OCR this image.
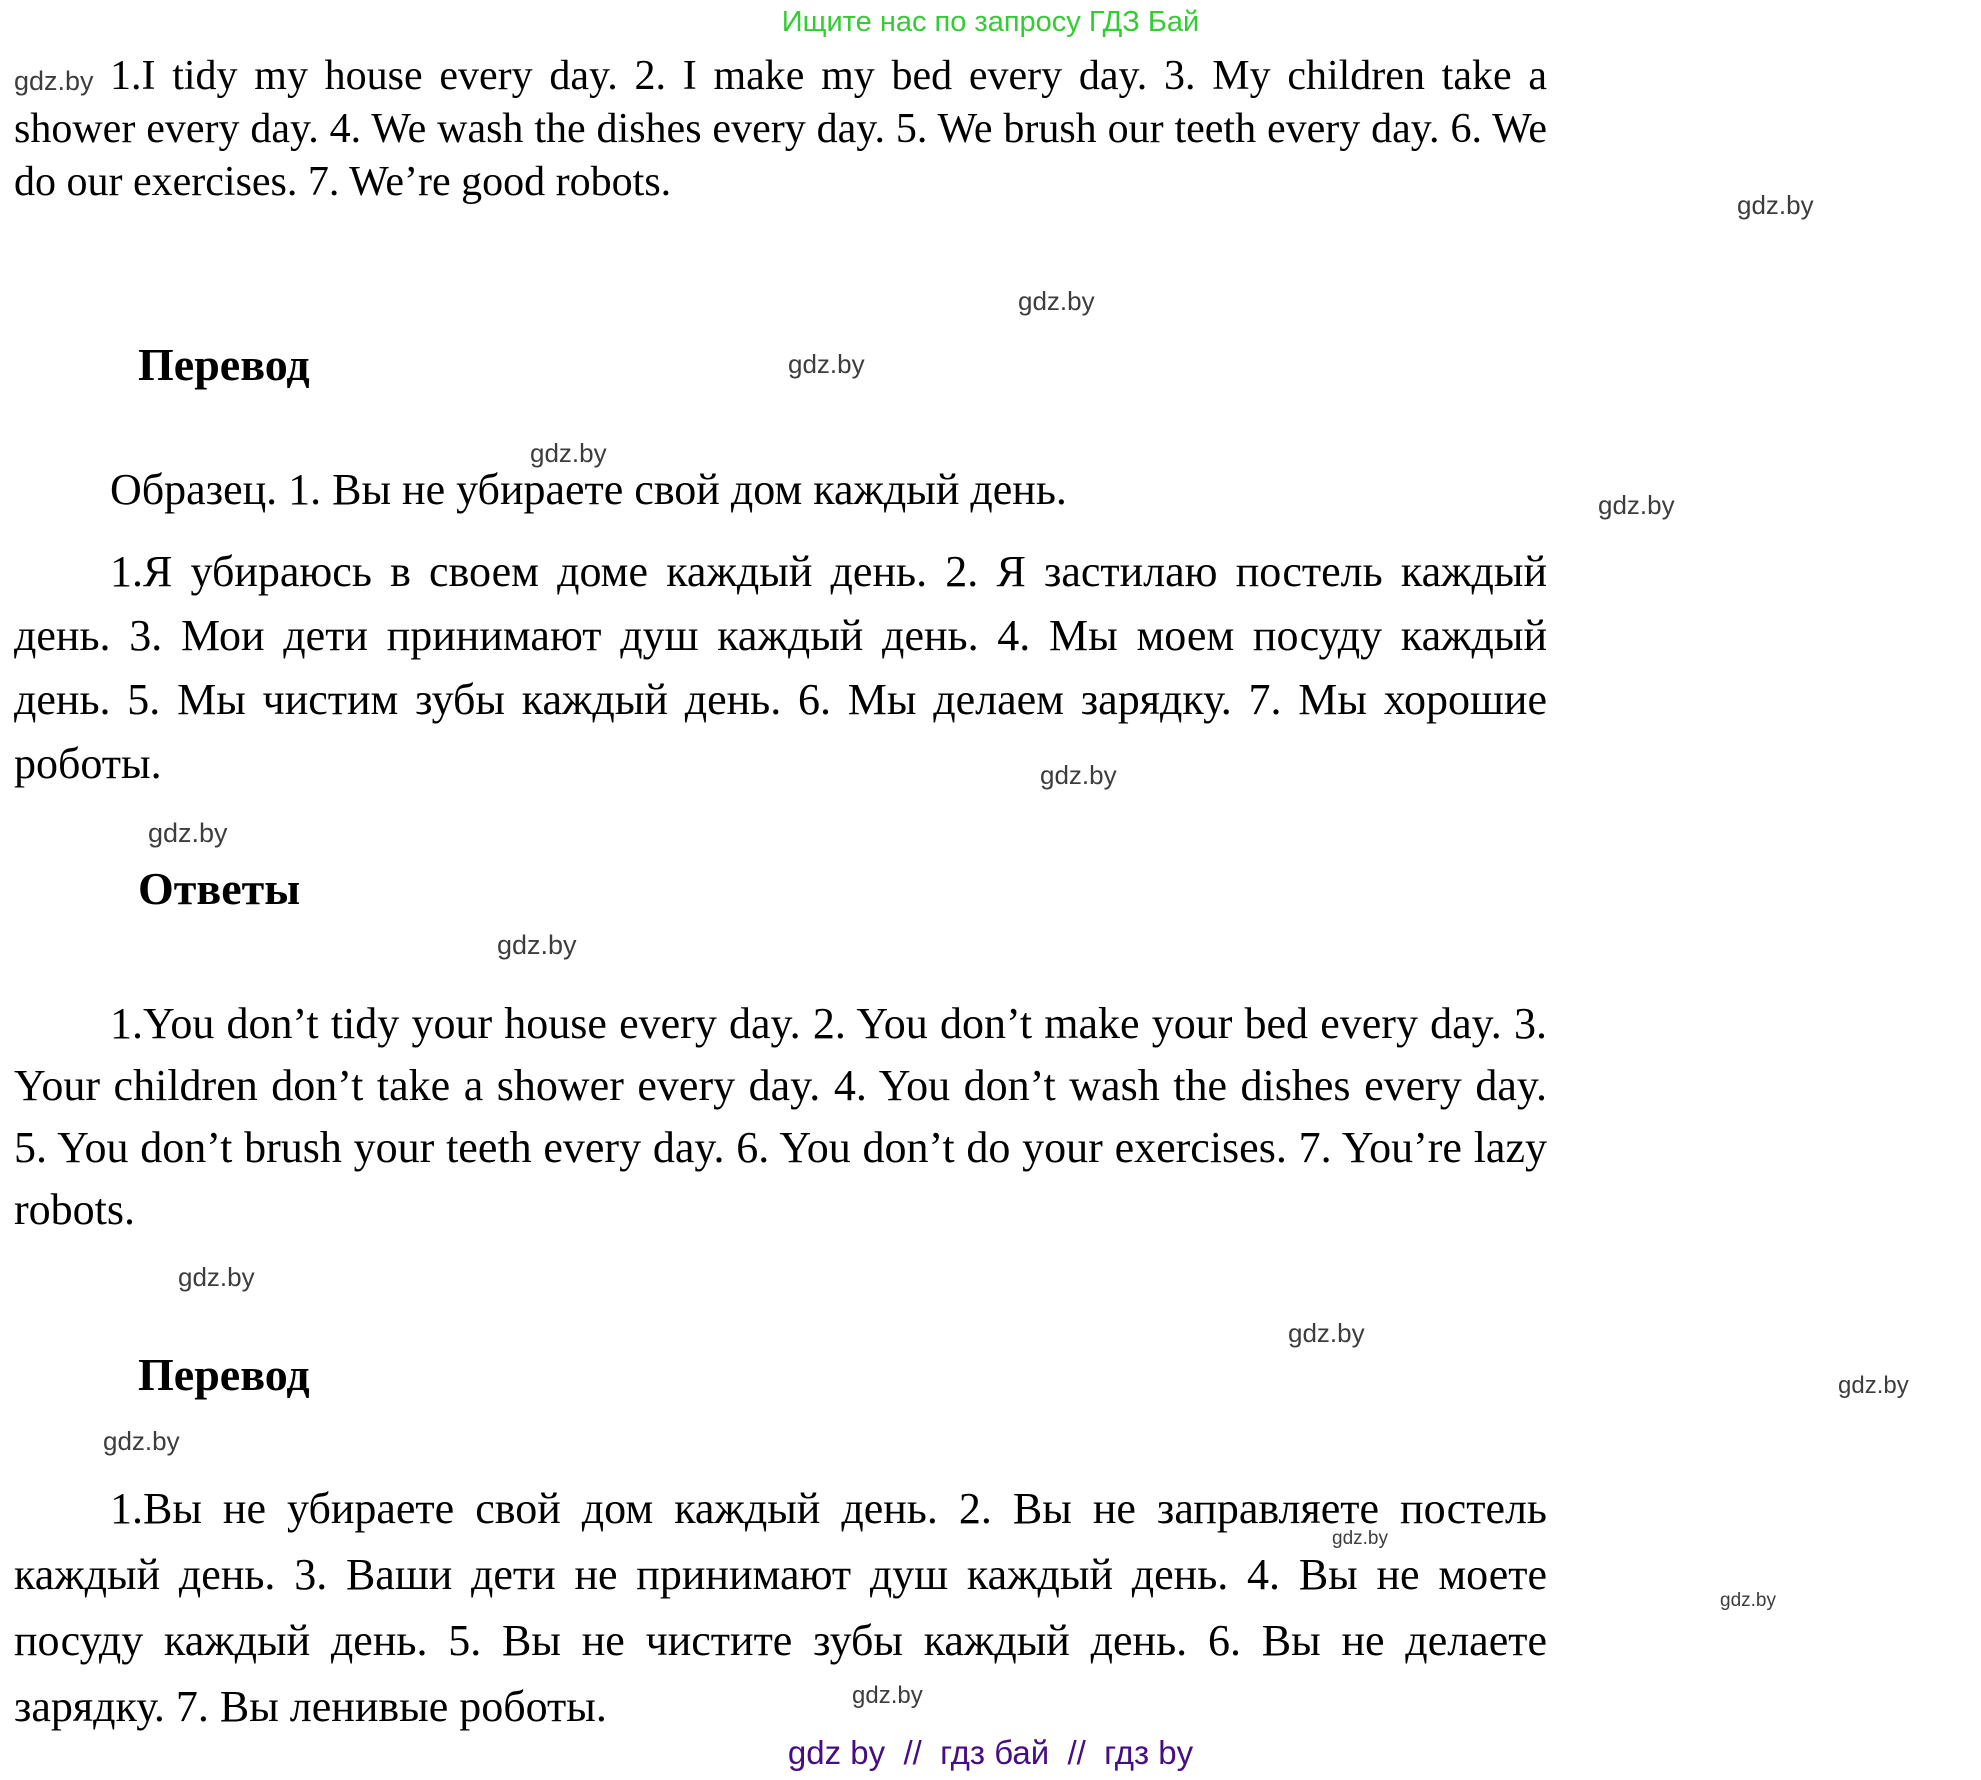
Ищите нас по запросу ГДЗ Бай
gdz.by
gdz.by
gdz.by
gdz.by
gdz.by
gdz.by
gdz.by
gdz.by
gdz.by
gdz.by
gdz.by
gdz.by
gdz.by
gdz.by
gdz.by
gdz.by
1.I tidy my house every day. 2. I make my bed every day. 3. My children take a shower every day. 4. We wash the dishes every day. 5. We brush our teeth every day. 6. We do our exercises. 7. We’re good robots.
Перевод
Образец. 1. Вы не убираете свой дом каждый день.
1.Я убираюсь в своем доме каждый день. 2. Я застилаю постель каждый день. 3. Мои дети принимают душ каждый день. 4. Мы моем посуду каждый день. 5. Мы чистим зубы каждый день. 6. Мы делаем зарядку. 7. Мы хорошие роботы.
Ответы
1.You don’t tidy your house every day. 2. You don’t make your bed every day. 3. Your children don’t take a shower every day. 4. You don’t wash the dishes every day. 5. You don’t brush your teeth every day. 6. You don’t do your exercises. 7. You’re lazy robots.
Перевод
1.Вы не убираете свой дом каждый день. 2. Вы не заправляете постель каждый день. 3. Ваши дети не принимают душ каждый день. 4. Вы не моете посуду каждый день. 5. Вы не чистите зубы каждый день. 6. Вы не делаете зарядку. 7. Вы ленивые роботы.
gdz by  //  гдз бай  //  гдз by
